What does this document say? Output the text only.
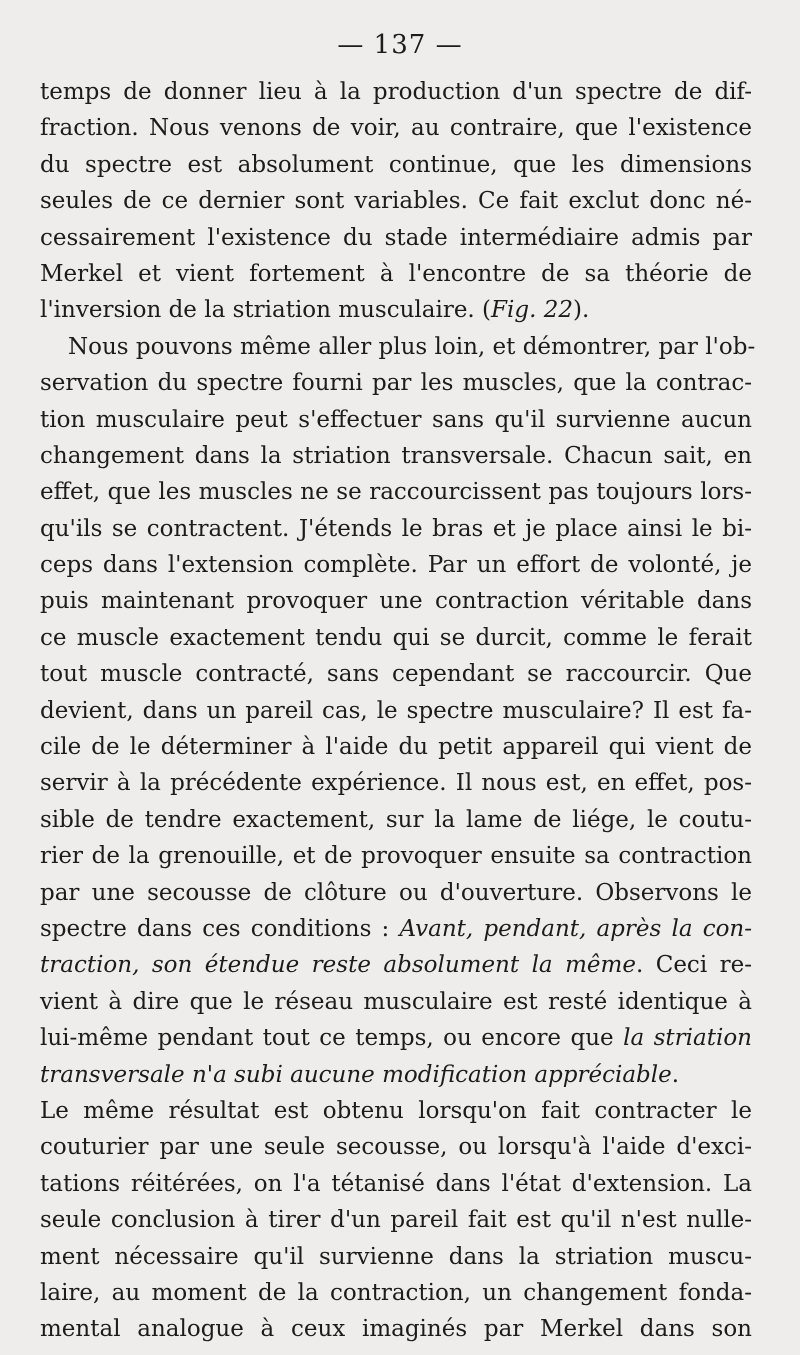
— 137 —
temps de donner lieu à la production d'un spectre de dif-
fraction. Nous venons de voir, au contraire, que l'existence
du spectre est absolument continue, que les dimensions
seules de ce dernier sont variables. Ce fait exclut donc né-
cessairement l'existence du stade intermédiaire admis par
Merkel et vient fortement à l'encontre de sa théorie de
l'inversion de la striation musculaire. (Fig. 22).
Nous pouvons même aller plus loin, et démontrer, par l'ob-
servation du spectre fourni par les muscles, que la contrac-
tion musculaire peut s'effectuer sans qu'il survienne aucun
changement dans la striation transversale. Chacun sait, en
effet, que les muscles ne se raccourcissent pas toujours lors-
qu'ils se contractent. J'étends le bras et je place ainsi le bi-
ceps dans l'extension complète. Par un effort de volonté, je
puis maintenant provoquer une contraction véritable dans
ce muscle exactement tendu qui se durcit, comme le ferait
tout muscle contracté, sans cependant se raccourcir. Que
devient, dans un pareil cas, le spectre musculaire? Il est fa-
cile de le déterminer à l'aide du petit appareil qui vient de
servir à la précédente expérience. Il nous est, en effet, pos-
sible de tendre exactement, sur la lame de liége, le coutu-
rier de la grenouille, et de provoquer ensuite sa contraction
par une secousse de clôture ou d'ouverture. Observons le
spectre dans ces conditions : Avant, pendant, après la con-
traction, son étendue reste absolument la même. Ceci re-
vient à dire que le réseau musculaire est resté identique à
lui-même pendant tout ce temps, ou encore que la striation
transversale n'a subi aucune modification appréciable.
Le même résultat est obtenu lorsqu'on fait contracter le
couturier par une seule secousse, ou lorsqu'à l'aide d'exci-
tations réitérées, on l'a tétanisé dans l'état d'extension. La
seule conclusion à tirer d'un pareil fait est qu'il n'est nulle-
ment nécessaire qu'il survienne dans la striation muscu-
laire, au moment de la contraction, un changement fonda-
mental analogue à ceux imaginés par Merkel dans son
